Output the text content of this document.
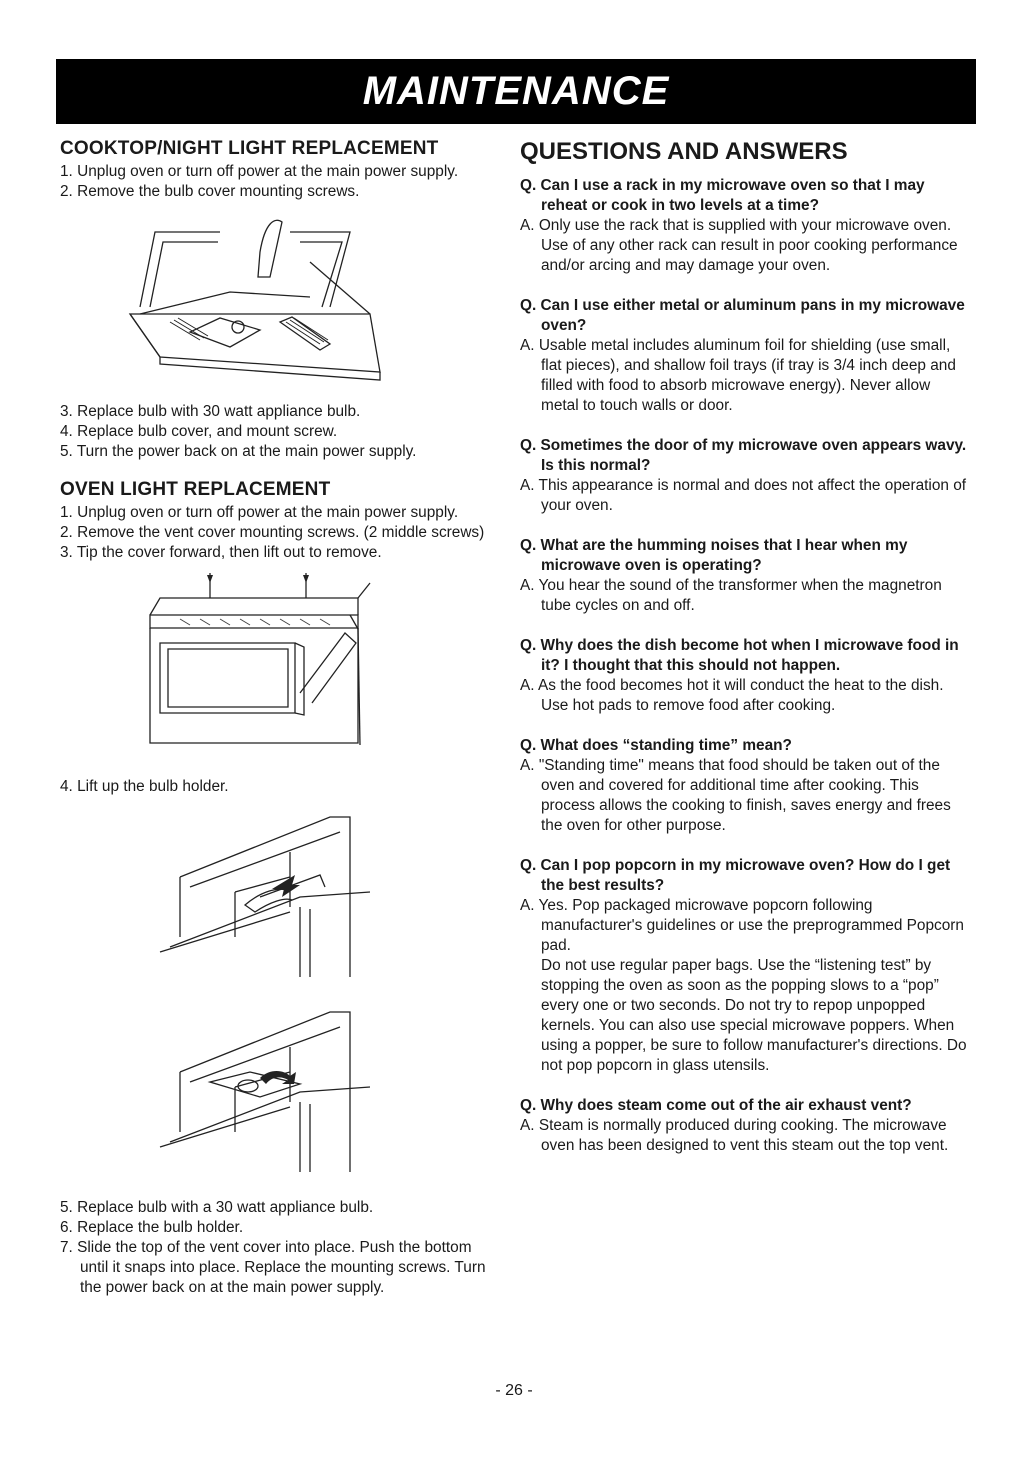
MAINTENANCE
COOKTOP/NIGHT LIGHT REPLACEMENT
1. Unplug oven or turn off power at the main power supply.
2. Remove the bulb cover mounting screws.
3. Replace bulb with 30 watt appliance bulb.
4. Replace bulb cover, and mount screw.
5. Turn the power back on at the main power supply.
OVEN LIGHT REPLACEMENT
1. Unplug oven or turn off power at the main power supply.
2. Remove the vent cover mounting screws. (2 middle screws)
3. Tip the cover forward, then lift out to remove.
4. Lift up the bulb holder.
5. Replace bulb with a 30 watt appliance bulb.
6. Replace the bulb holder.
7. Slide the top of the vent cover into place. Push the bottom until it snaps into place. Replace the mounting screws. Turn the power back on at the main power supply.
QUESTIONS AND ANSWERS

Q. Can I use a rack in my microwave oven so that I may reheat or cook in two levels at a time?

A. Only use the rack that is supplied with your microwave oven. Use of any other rack can result in poor cooking performance and/or arcing and may damage your oven.

Q. Can I use either metal or aluminum pans in my microwave oven?

A. Usable metal includes aluminum foil for shielding (use small, flat pieces), and shallow foil trays (if tray is 3/4 inch deep and filled with food to absorb microwave energy). Never allow metal to touch walls or door.

Q. Sometimes the door of my microwave oven appears wavy. Is this normal?

A. This appearance is normal and does not affect the operation of your oven.

Q. What are the humming noises that I hear when my microwave oven is operating?

A. You hear the sound of the transformer when the magnetron tube cycles on and off.

Q. Why does the dish become hot when I microwave food in it? I thought that this should not happen.

A. As the food becomes hot it will conduct the heat to the dish. Use hot pads to remove food after cooking.

Q. What does “standing time” mean?

A. "Standing time" means that food should be taken out of the oven and covered for additional time after cooking. This process allows the cooking to finish, saves energy and frees the oven for other purpose.

Q. Can I pop popcorn in my microwave oven? How do I get the best results?

A. Yes. Pop packaged microwave popcorn following manufacturer's guidelines or use the preprogrammed Popcorn pad.

Do not use regular paper bags. Use the “listening test” by stopping the oven as soon as the popping slows to a “pop” every one or two seconds. Do not try to repop unpopped kernels. You can also use special microwave poppers. When using a popper, be sure to follow manufacturer's directions. Do not pop popcorn in glass utensils.

Q. Why does steam come out of the air exhaust vent?

A. Steam is normally produced during cooking. The microwave oven has been designed to vent this steam out the top vent.

- 26 -
